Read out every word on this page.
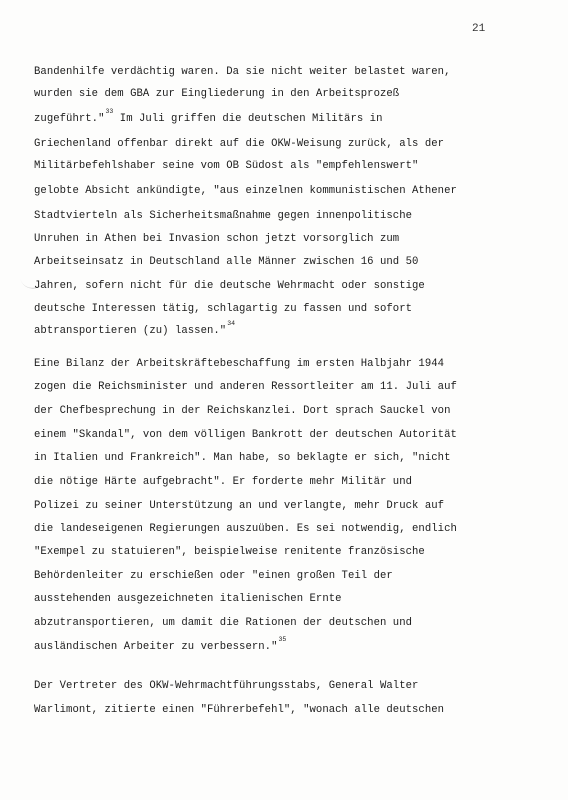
21
Bandenhilfe verdächtig waren. Da sie nicht weiter belastet waren,
wurden sie dem GBA zur Eingliederung in den Arbeitsprozeß
zugeführt."$^{33}$ Im Juli griffen die deutschen Militärs in
Griechenland offenbar direkt auf die OKW-Weisung zurück, als der
Militärbefehlshaber seine vom OB Südost als "empfehlenswert"
gelobte Absicht ankündigte, "aus einzelnen kommunistischen Athener
Stadtvierteln als Sicherheitsmaßnahme gegen innenpolitische
Unruhen in Athen bei Invasion schon jetzt vorsorglich zum
Arbeitseinsatz in Deutschland alle Männer zwischen 16 und 50
Jahren, sofern nicht für die deutsche Wehrmacht oder sonstige
deutsche Interessen tätig, schlagartig zu fassen und sofort
abtransportieren (zu) lassen."$^{34}$
Eine Bilanz der Arbeitskräftebeschaffung im ersten Halbjahr 1944
zogen die Reichsminister und anderen Ressortleiter am 11. Juli auf
der Chefbesprechung in der Reichskanzlei. Dort sprach Sauckel von
einem "Skandal", von dem völligen Bankrott der deutschen Autorität
in Italien und Frankreich". Man habe, so beklagte er sich, "nicht
die nötige Härte aufgebracht". Er forderte mehr Militär und
Polizei zu seiner Unterstützung an und verlangte, mehr Druck auf
die landeseigenen Regierungen auszuüben. Es sei notwendig, endlich
"Exempel zu statuieren", beispielweise renitente französische
Behördenleiter zu erschießen oder "einen großen Teil der
ausstehenden ausgezeichneten italienischen Ernte
abzutransportieren, um damit die Rationen der deutschen und
ausländischen Arbeiter zu verbessern."$^{35}$
Der Vertreter des OKW-Wehrmachtführungsstabs, General Walter
Warlimont, zitierte einen "Führerbefehl", "wonach alle deutschen
